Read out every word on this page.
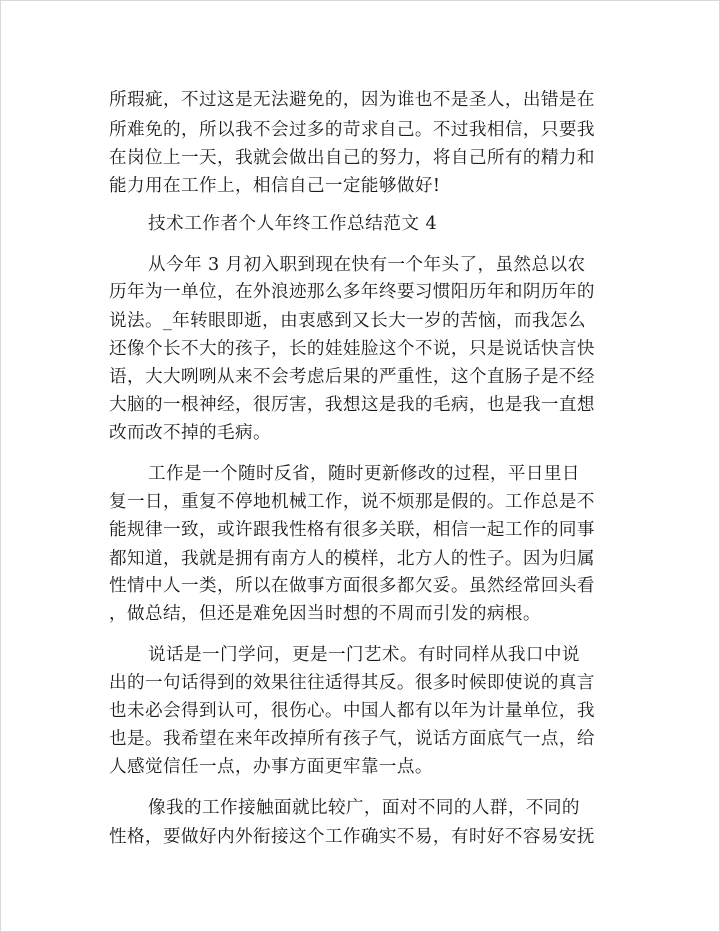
所瑕疵，不过这是无法避免的，因为谁也不是圣人，出错是在
所难免的，所以我不会过多的苛求自己。不过我相信，只要我
在岗位上一天，我就会做出自己的努力，将自己所有的精力和
能力用在工作上，相信自己一定能够做好!
技术工作者个人年终工作总结范文 4
从今年 3 月初入职到现在快有一个年头了，虽然总以农
历年为一单位，在外浪迹那么多年终要习惯阳历年和阴历年的
说法。_年转眼即逝，由衷感到又长大一岁的苦恼，而我怎么
还像个长不大的孩子，长的娃娃脸这个不说，只是说话快言快
语，大大咧咧从来不会考虑后果的严重性，这个直肠子是不经
大脑的一根神经，很厉害，我想这是我的毛病，也是我一直想
改而改不掉的毛病。
工作是一个随时反省，随时更新修改的过程，平日里日
复一日，重复不停地机械工作，说不烦那是假的。工作总是不
能规律一致，或许跟我性格有很多关联，相信一起工作的同事
都知道，我就是拥有南方人的模样，北方人的性子。因为归属
性情中人一类，所以在做事方面很多都欠妥。虽然经常回头看
，做总结，但还是难免因当时想的不周而引发的病根。
说话是一门学问，更是一门艺术。有时同样从我口中说
出的一句话得到的效果往往适得其反。很多时候即使说的真言
也未必会得到认可，很伤心。中国人都有以年为计量单位，我
也是。我希望在来年改掉所有孩子气，说话方面底气一点，给
人感觉信任一点，办事方面更牢靠一点。
像我的工作接触面就比较广，面对不同的人群，不同的
性格，要做好内外衔接这个工作确实不易，有时好不容易安抚
